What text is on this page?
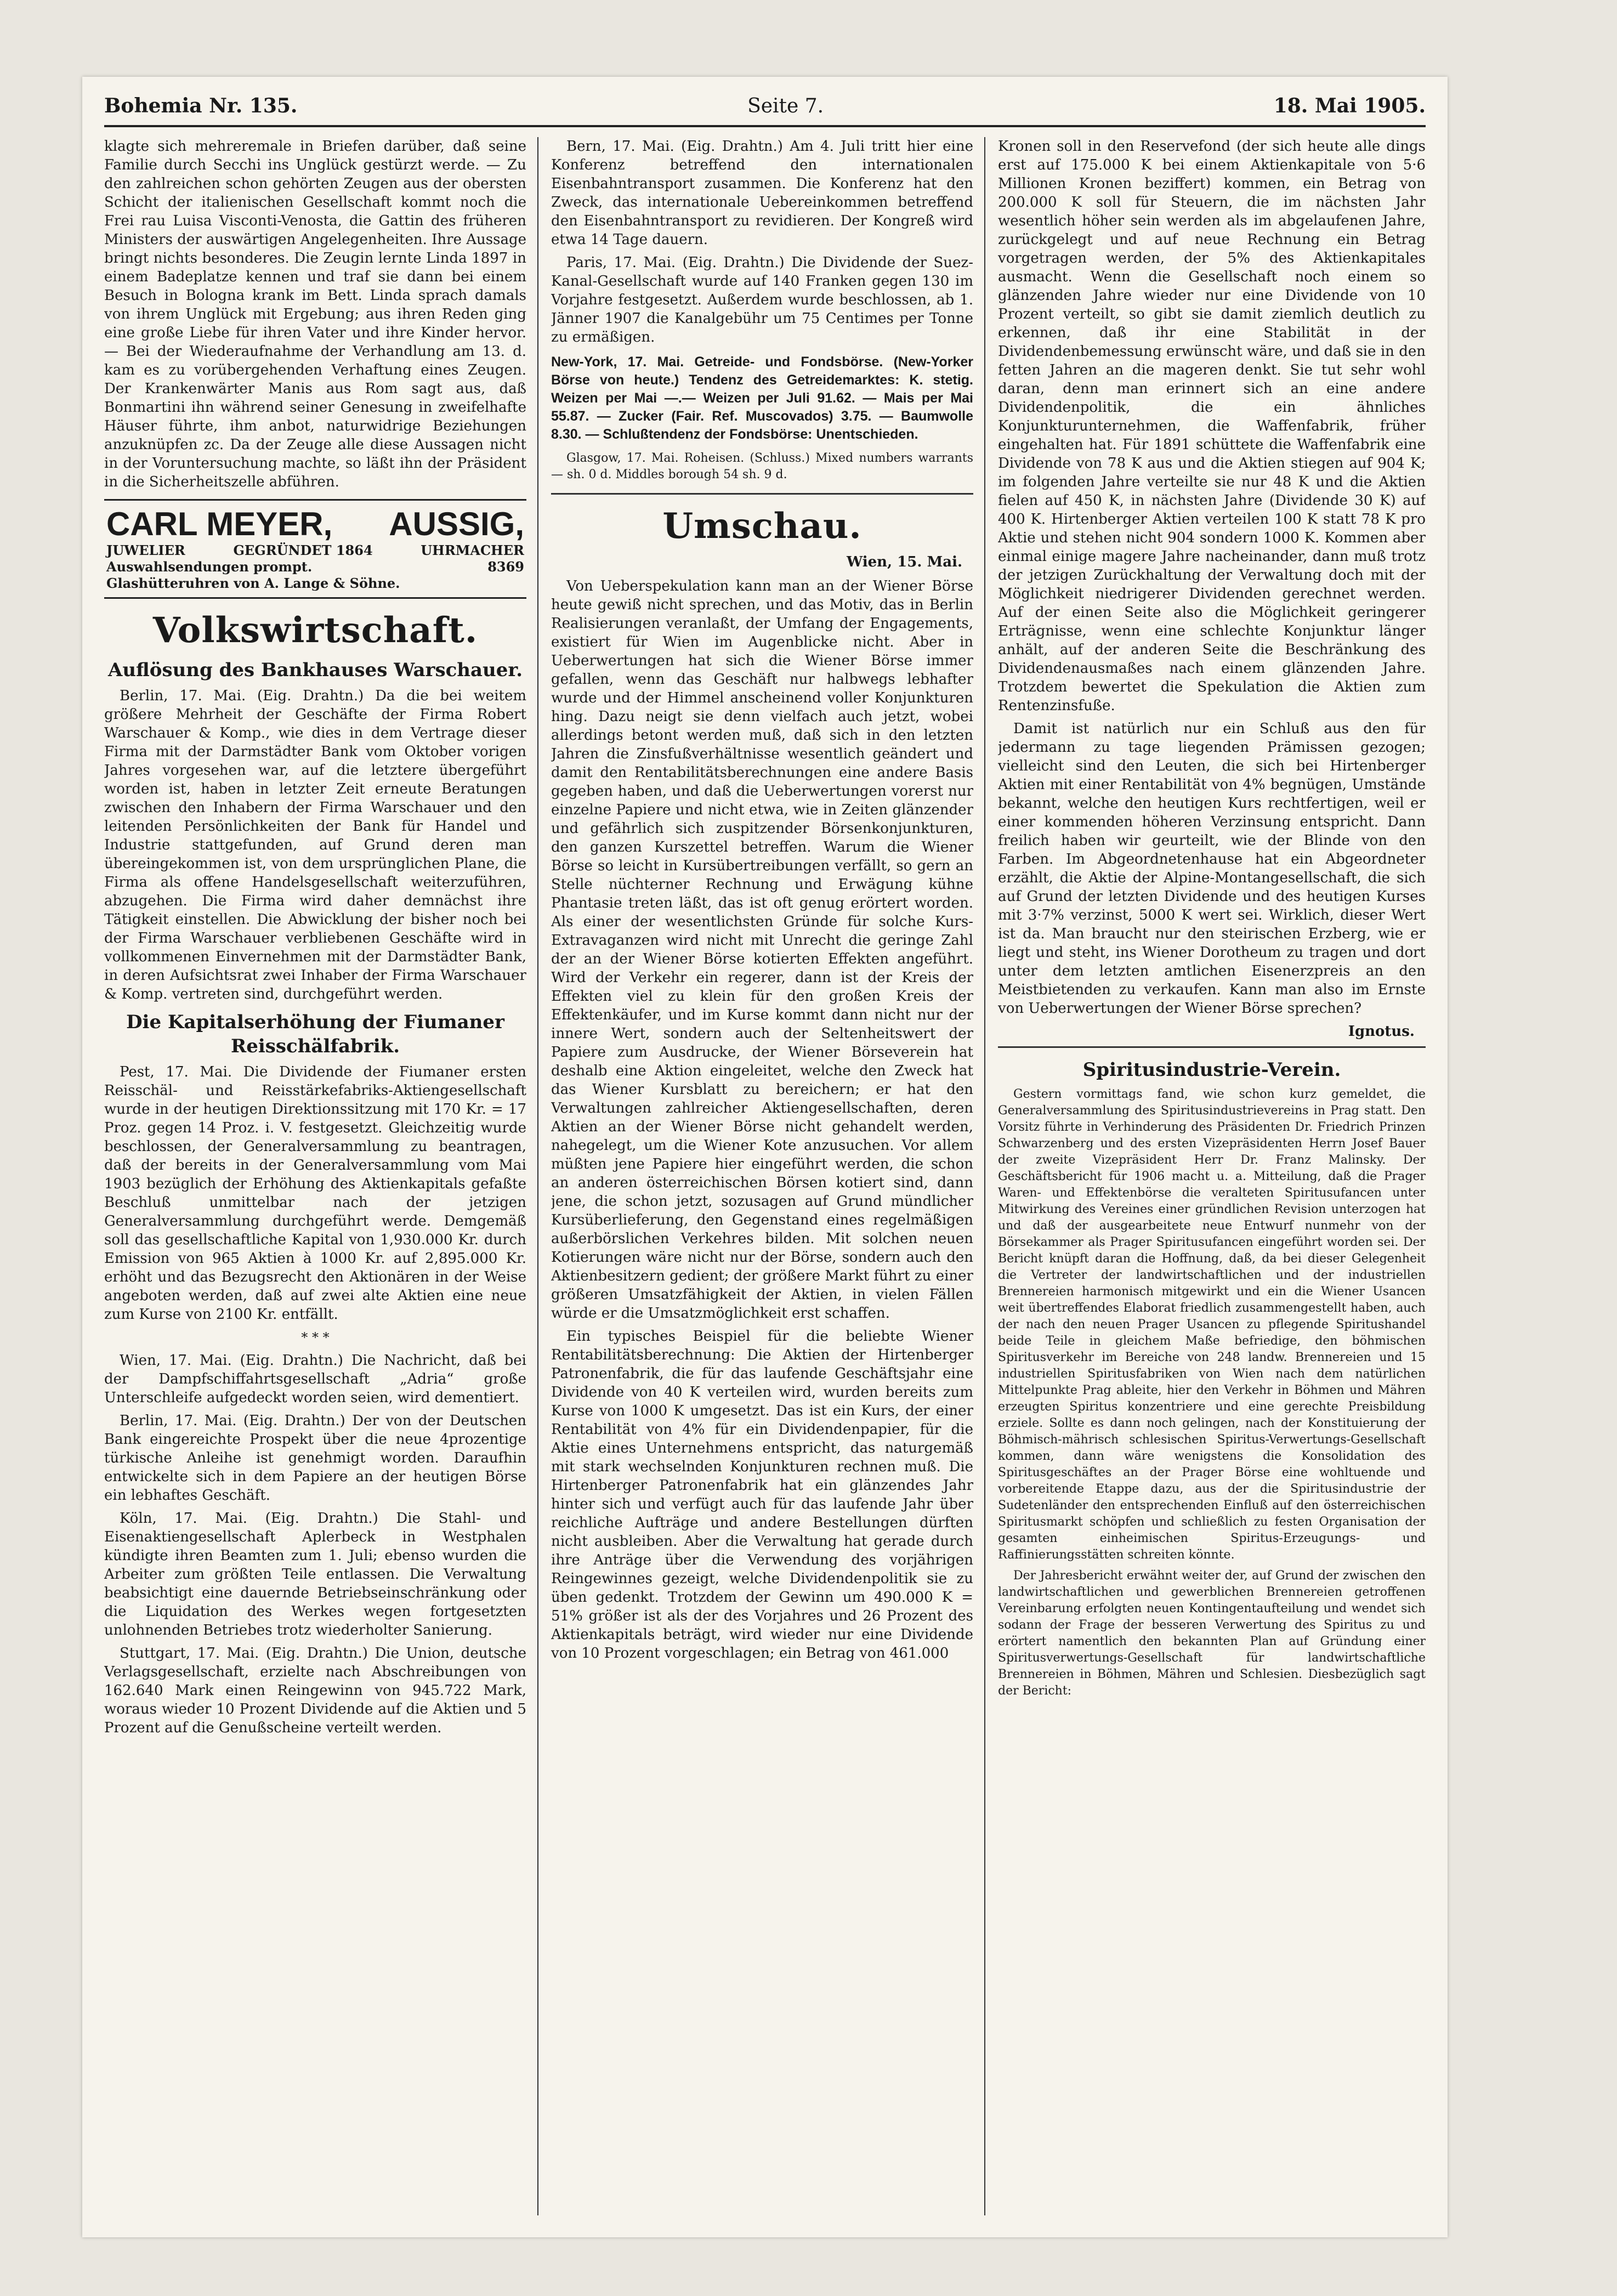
Bohemia Nr. 135.	Seite 7.	18. Mai 1905.

klagte sich mehreremale in Briefen darüber, daß seine Familie durch Secchi ins Unglück gestürzt werde. — Zu den zahlreichen schon gehörten Zeugen aus der obersten Schicht der italienischen Gesellschaft kommt noch die Frei rau Luisa Visconti-Venosta, die Gattin des früheren Ministers der auswärtigen Angelegenheiten. Ihre Aussage bringt nichts besonderes. Die Zeugin lernte Linda 1897 in einem Badeplatze kennen und traf sie dann bei einem Besuch in Bologna krank im Bett. Linda sprach damals von ihrem Unglück mit Ergebung; aus ihren Reden ging eine große Liebe für ihren Vater und ihre Kinder hervor. — Bei der Wiederaufnahme der Verhandlung am 13. d. kam es zu vorübergehenden Verhaftung eines Zeugen. Der Krankenwärter Manis aus Rom sagt aus, daß Bonmartini ihn während seiner Genesung in zweifelhafte Häuser führte, ihm anbot, naturwidrige Beziehungen anzuknüpfen zc. Da der Zeuge alle diese Aussagen nicht in der Voruntersuchung machte, so läßt ihn der Präsident in die Sicherheitszelle abführen.

CARL MEYER, AUSSIG,
JUWELIER	GEGRÜNDET 1864	UHRMACHER
Auswahlsendungen prompt.	8369
Glashütteruhren von A. Lange & Söhne.
Volkswirtschaft.
Auflösung des Bankhauses Warschauer.

Berlin, 17. Mai. (Eig. Drahtn.) Da die bei weitem größere Mehrheit der Geschäfte der Firma Robert Warschauer & Komp., wie dies in dem Vertrage dieser Firma mit der Darmstädter Bank vom Oktober vorigen Jahres vorgesehen war, auf die letztere übergeführt worden ist, haben in letzter Zeit erneute Beratungen zwischen den Inhabern der Firma Warschauer und den leitenden Persönlichkeiten der Bank für Handel und Industrie stattgefunden, auf Grund deren man übereingekommen ist, von dem ursprünglichen Plane, die Firma als offene Handelsgesellschaft weiterzuführen, abzugehen. Die Firma wird daher demnächst ihre Tätigkeit einstellen. Die Abwicklung der bisher noch bei der Firma Warschauer verbliebenen Geschäfte wird in vollkommenen Einvernehmen mit der Darmstädter Bank, in deren Aufsichtsrat zwei Inhaber der Firma Warschauer & Komp. vertreten sind, durchgeführt werden.

Die Kapitalserhöhung der Fiumaner Reisschälfabrik.

Pest, 17. Mai. Die Dividende der Fiumaner ersten Reisschäl- und Reisstärkefabriks-Aktiengesellschaft wurde in der heutigen Direktionssitzung mit 170 Kr. = 17 Proz. gegen 14 Proz. i. V. festgesetzt. Gleichzeitig wurde beschlossen, der Generalversammlung zu beantragen, daß der bereits in der Generalversammlung vom Mai 1903 bezüglich der Erhöhung des Aktienkapitals gefaßte Beschluß unmittelbar nach der jetzigen Generalversammlung durchgeführt werde. Demgemäß soll das gesellschaftliche Kapital von 1,930.000 Kr. durch Emission von 965 Aktien à 1000 Kr. auf 2,895.000 Kr. erhöht und das Bezugsrecht den Aktionären in der Weise angeboten werden, daß auf zwei alte Aktien eine neue zum Kurse von 2100 Kr. entfällt.

* * *

Wien, 17. Mai. (Eig. Drahtn.) Die Nachricht, daß bei der Dampfschiffahrtsgesellschaft „Adria“ große Unterschleife aufgedeckt worden seien, wird dementiert.

Berlin, 17. Mai. (Eig. Drahtn.) Der von der Deutschen Bank eingereichte Prospekt über die neue 4prozentige türkische Anleihe ist genehmigt worden. Daraufhin entwickelte sich in dem Papiere an der heutigen Börse ein lebhaftes Geschäft.

Köln, 17. Mai. (Eig. Drahtn.) Die Stahl- und Eisenaktiengesellschaft Aplerbeck in Westphalen kündigte ihren Beamten zum 1. Juli; ebenso wurden die Arbeiter zum größten Teile entlassen. Die Verwaltung beabsichtigt eine dauernde Betriebseinschränkung oder die Liquidation des Werkes wegen fortgesetzten unlohnenden Betriebes trotz wiederholter Sanierung.

Stuttgart, 17. Mai. (Eig. Drahtn.) Die Union, deutsche Verlagsgesellschaft, erzielte nach Abschreibungen von 162.640 Mark einen Reingewinn von 945.722 Mark, woraus wieder 10 Prozent Dividende auf die Aktien und 5 Prozent auf die Genußscheine verteilt werden.

Bern, 17. Mai. (Eig. Drahtn.) Am 4. Juli tritt hier eine Konferenz betreffend den internationalen Eisenbahntransport zusammen. Die Konferenz hat den Zweck, das internationale Uebereinkommen betreffend den Eisenbahntransport zu revidieren. Der Kongreß wird etwa 14 Tage dauern.

Paris, 17. Mai. (Eig. Drahtn.) Die Dividende der Suez-Kanal-Gesellschaft wurde auf 140 Franken gegen 130 im Vorjahre festgesetzt. Außerdem wurde beschlossen, ab 1. Jänner 1907 die Kanalgebühr um 75 Centimes per Tonne zu ermäßigen.

New-York, 17. Mai. Getreide- und Fondsbörse. (New-Yorker Börse von heute.) Tendenz des Getreidemarktes: K. stetig. Weizen per Mai —.— Weizen per Juli 91.62. — Mais per Mai 55.87. — Zucker (Fair. Ref. Muscovados) 3.75. — Baumwolle 8.30. — Schlußtendenz der Fondsbörse: Unentschieden.

Glasgow, 17. Mai. Roheisen. (Schluss.) Mixed numbers warrants — sh. 0 d. Middles borough 54 sh. 9 d.

Umschau.
Wien, 15. Mai.

Von Ueberspekulation kann man an der Wiener Börse heute gewiß nicht sprechen, und das Motiv, das in Berlin Realisierungen veranlaßt, der Umfang der Engagements, existiert für Wien im Augenblicke nicht. Aber in Ueberwertungen hat sich die Wiener Börse immer gefallen, wenn das Geschäft nur halbwegs lebhafter wurde und der Himmel anscheinend voller Konjunkturen hing. Dazu neigt sie denn vielfach auch jetzt, wobei allerdings betont werden muß, daß sich in den letzten Jahren die Zinsfußverhältnisse wesentlich geändert und damit den Rentabilitätsberechnungen eine andere Basis gegeben haben, und daß die Ueberwertungen vorerst nur einzelne Papiere und nicht etwa, wie in Zeiten glänzender und gefährlich sich zuspitzender Börsenkonjunkturen, den ganzen Kurszettel betreffen. Warum die Wiener Börse so leicht in Kursübertreibungen verfällt, so gern an Stelle nüchterner Rechnung und Erwägung kühne Phantasie treten läßt, das ist oft genug erörtert worden. Als einer der wesentlichsten Gründe für solche Kurs-Extravaganzen wird nicht mit Unrecht die geringe Zahl der an der Wiener Börse kotierten Effekten angeführt. Wird der Verkehr ein regerer, dann ist der Kreis der Effekten viel zu klein für den großen Kreis der Effektenkäufer, und im Kurse kommt dann nicht nur der innere Wert, sondern auch der Seltenheitswert der Papiere zum Ausdrucke, der Wiener Börseverein hat deshalb eine Aktion eingeleitet, welche den Zweck hat das Wiener Kursblatt zu bereichern; er hat den Verwaltungen zahlreicher Aktiengesellschaften, deren Aktien an der Wiener Börse nicht gehandelt werden, nahegelegt, um die Wiener Kote anzusuchen. Vor allem müßten jene Papiere hier eingeführt werden, die schon an anderen österreichischen Börsen kotiert sind, dann jene, die schon jetzt, sozusagen auf Grund mündlicher Kursüberlieferung, den Gegenstand eines regelmäßigen außerbörslichen Verkehres bilden. Mit solchen neuen Kotierungen wäre nicht nur der Börse, sondern auch den Aktienbesitzern gedient; der größere Markt führt zu einer größeren Umsatzfähigkeit der Aktien, in vielen Fällen würde er die Umsatzmöglichkeit erst schaffen.

Ein typisches Beispiel für die beliebte Wiener Rentabilitätsberechnung: Die Aktien der Hirtenberger Patronenfabrik, die für das laufende Geschäftsjahr eine Dividende von 40 K verteilen wird, wurden bereits zum Kurse von 1000 K umgesetzt. Das ist ein Kurs, der einer Rentabilität von 4% für ein Dividendenpapier, für die Aktie eines Unternehmens entspricht, das naturgemäß mit stark wechselnden Konjunkturen rechnen muß. Die Hirtenberger Patronenfabrik hat ein glänzendes Jahr hinter sich und verfügt auch für das laufende Jahr über reichliche Aufträge und andere Bestellungen dürften nicht ausbleiben. Aber die Verwaltung hat gerade durch ihre Anträge über die Verwendung des vorjährigen Reingewinnes gezeigt, welche Dividendenpolitik sie zu üben gedenkt. Trotzdem der Gewinn um 490.000 K = 51% größer ist als der des Vorjahres und 26 Prozent des Aktienkapitals beträgt, wird wieder nur eine Dividende von 10 Prozent vorgeschlagen; ein Betrag von 461.000

Kronen soll in den Reservefond (der sich heute alle dings erst auf 175.000 K bei einem Aktienkapitale von 5·6 Millionen Kronen beziffert) kommen, ein Betrag von 200.000 K soll für Steuern, die im nächsten Jahr wesentlich höher sein werden als im abgelaufenen Jahre, zurückgelegt und auf neue Rechnung ein Betrag vorgetragen werden, der 5% des Aktienkapitales ausmacht. Wenn die Gesellschaft noch einem so glänzenden Jahre wieder nur eine Dividende von 10 Prozent verteilt, so gibt sie damit ziemlich deutlich zu erkennen, daß ihr eine Stabilität in der Dividendenbemessung erwünscht wäre, und daß sie in den fetten Jahren an die mageren denkt. Sie tut sehr wohl daran, denn man erinnert sich an eine andere Dividendenpolitik, die ein ähnliches Konjunkturunternehmen, die Waffenfabrik, früher eingehalten hat. Für 1891 schüttete die Waffenfabrik eine Dividende von 78 K aus und die Aktien stiegen auf 904 K; im folgenden Jahre verteilte sie nur 48 K und die Aktien fielen auf 450 K, in nächsten Jahre (Dividende 30 K) auf 400 K. Hirtenberger Aktien verteilen 100 K statt 78 K pro Aktie und stehen nicht 904 sondern 1000 K. Kommen aber einmal einige magere Jahre nacheinander, dann muß trotz der jetzigen Zurückhaltung der Verwaltung doch mit der Möglichkeit niedrigerer Dividenden gerechnet werden. Auf der einen Seite also die Möglichkeit geringerer Erträgnisse, wenn eine schlechte Konjunktur länger anhält, auf der anderen Seite die Beschränkung des Dividendenausmaßes nach einem glänzenden Jahre. Trotzdem bewertet die Spekulation die Aktien zum Rentenzinsfuße.

Damit ist natürlich nur ein Schluß aus den für jedermann zu tage liegenden Prämissen gezogen; vielleicht sind den Leuten, die sich bei Hirtenberger Aktien mit einer Rentabilität von 4% begnügen, Umstände bekannt, welche den heutigen Kurs rechtfertigen, weil er einer kommenden höheren Verzinsung entspricht. Dann freilich haben wir geurteilt, wie der Blinde von den Farben. Im Abgeordnetenhause hat ein Abgeordneter erzählt, die Aktie der Alpine-Montangesellschaft, die sich auf Grund der letzten Dividende und des heutigen Kurses mit 3·7% verzinst, 5000 K wert sei. Wirklich, dieser Wert ist da. Man braucht nur den steirischen Erzberg, wie er liegt und steht, ins Wiener Dorotheum zu tragen und dort unter dem letzten amtlichen Eisenerzpreis an den Meistbietenden zu verkaufen. Kann man also im Ernste von Ueberwertungen der Wiener Börse sprechen?

Ignotus.
Spiritusindustrie-Verein.

Gestern vormittags fand, wie schon kurz gemeldet, die Generalversammlung des Spiritusindustrievereins in Prag statt. Den Vorsitz führte in Verhinderung des Präsidenten Dr. Friedrich Prinzen Schwarzenberg und des ersten Vizepräsidenten Herrn Josef Bauer der zweite Vizepräsident Herr Dr. Franz Malinsky. Der Geschäftsbericht für 1906 macht u. a. Mitteilung, daß die Prager Waren- und Effektenbörse die veralteten Spiritusufancen unter Mitwirkung des Vereines einer gründlichen Revision unterzogen hat und daß der ausgearbeitete neue Entwurf nunmehr von der Börsekammer als Prager Spiritusufancen eingeführt worden sei. Der Bericht knüpft daran die Hoffnung, daß, da bei dieser Gelegenheit die Vertreter der landwirtschaftlichen und der industriellen Brennereien harmonisch mitgewirkt und ein die Wiener Usancen weit übertreffendes Elaborat friedlich zusammengestellt haben, auch der nach den neuen Prager Usancen zu pflegende Spiritushandel beide Teile in gleichem Maße befriedige, den böhmischen Spiritusverkehr im Bereiche von 248 landw. Brennereien und 15 industriellen Spiritusfabriken von Wien nach dem natürlichen Mittelpunkte Prag ableite, hier den Verkehr in Böhmen und Mähren erzeugten Spiritus konzentriere und eine gerechte Preisbildung erziele. Sollte es dann noch gelingen, nach der Konstituierung der Böhmisch-mährisch schlesischen Spiritus-Verwertungs-Gesellschaft kommen, dann wäre wenigstens die Konsolidation des Spiritusgeschäftes an der Prager Börse eine wohltuende und vorbereitende Etappe dazu, aus der die Spiritusindustrie der Sudetenländer den entsprechenden Einfluß auf den österreichischen Spiritusmarkt schöpfen und schließlich zu festen Organisation der gesamten einheimischen Spiritus-Erzeugungs- und Raffinierungsstätten schreiten könnte.

Der Jahresbericht erwähnt weiter der, auf Grund der zwischen den landwirtschaftlichen und gewerblichen Brennereien getroffenen Vereinbarung erfolgten neuen Kontingentaufteilung und wendet sich sodann der Frage der besseren Verwertung des Spiritus zu und erörtert namentlich den bekannten Plan auf Gründung einer Spiritusverwertungs-Gesellschaft für landwirtschaftliche Brennereien in Böhmen, Mähren und Schlesien. Diesbezüglich sagt der Bericht:
